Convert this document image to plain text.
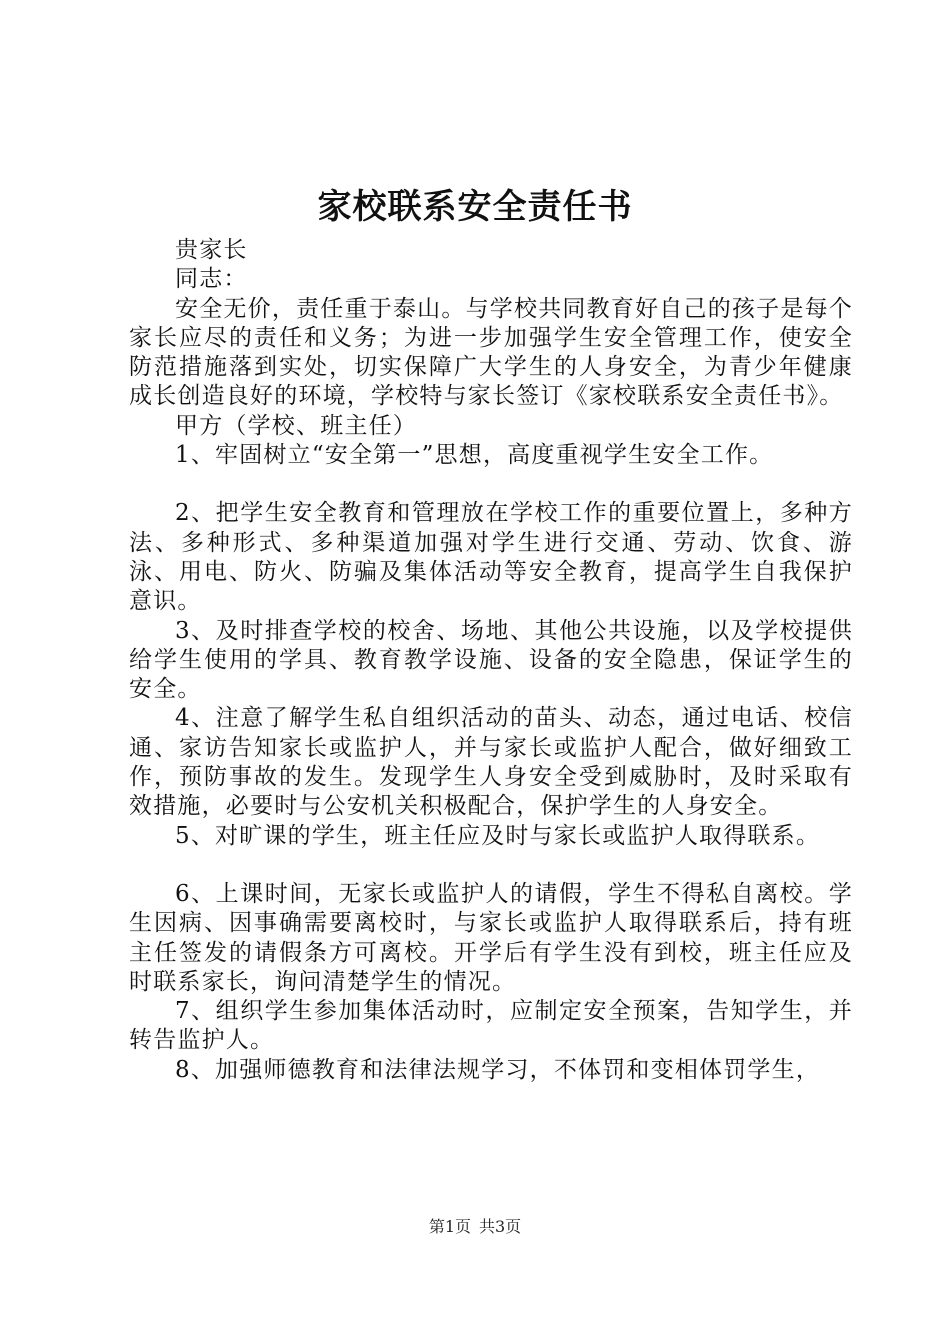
家校联系安全责任书

贵家长

同志：

安全无价，责任重于泰山。与学校共同教育好自己的孩子是每个家长应尽的责任和义务；为进一步加强学生安全管理工作，使安全防范措施落到实处，切实保障广大学生的人身安全，为青少年健康成长创造良好的环境，学校特与家长签订《家校联系安全责任书》。

甲方（学校、班主任）

1、牢固树立“安全第一”思想，高度重视学生安全工作。

2、把学生安全教育和管理放在学校工作的重要位置上，多种方法、多种形式、多种渠道加强对学生进行交通、劳动、饮食、游泳、用电、防火、防骗及集体活动等安全教育，提高学生自我保护意识。

3、及时排查学校的校舍、场地、其他公共设施，以及学校提供给学生使用的学具、教育教学设施、设备的安全隐患，保证学生的安全。

4、注意了解学生私自组织活动的苗头、动态，通过电话、校信通、家访告知家长或监护人，并与家长或监护人配合，做好细致工作，预防事故的发生。发现学生人身安全受到威胁时，及时采取有效措施，必要时与公安机关积极配合，保护学生的人身安全。

5、对旷课的学生，班主任应及时与家长或监护人取得联系。

6、上课时间，无家长或监护人的请假，学生不得私自离校。学生因病、因事确需要离校时，与家长或监护人取得联系后，持有班主任签发的请假条方可离校。开学后有学生没有到校，班主任应及时联系家长，询问清楚学生的情况。

7、组织学生参加集体活动时，应制定安全预案，告知学生，并转告监护人。

8、加强师德教育和法律法规学习，不体罚和变相体罚学生，

第1页 共3页
